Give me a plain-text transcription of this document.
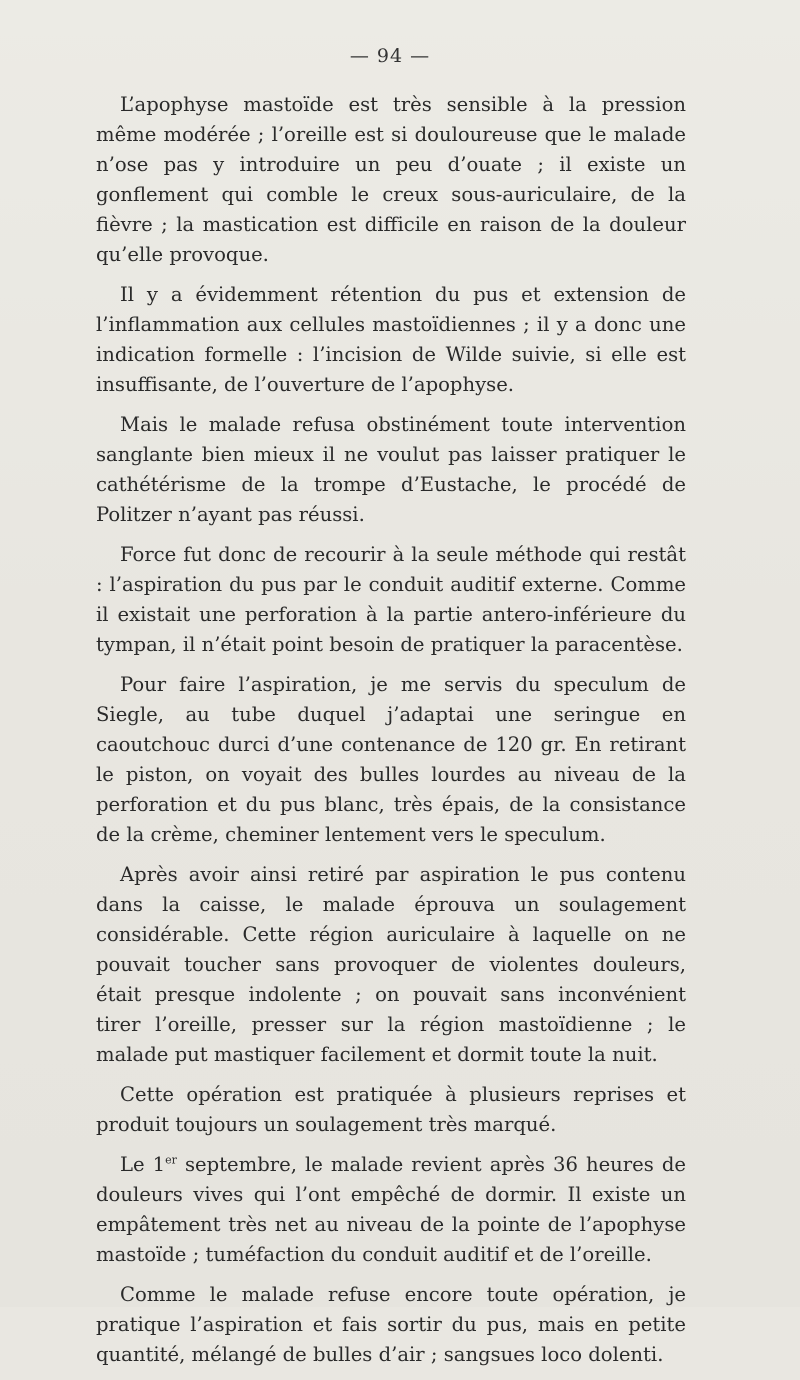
— 94 —

L’apophyse mastoïde est très sensible à la pression même modérée ; l’oreille est si douloureuse que le malade n’ose pas y introduire un peu d’ouate ; il existe un gonflement qui comble le creux sous-auriculaire, de la fièvre ; la mastication est difficile en raison de la douleur qu’elle provoque.

Il y a évidemment rétention du pus et extension de l’inflammation aux cellules mastoïdiennes ; il y a donc une indication formelle : l’incision de Wilde suivie, si elle est insuffisante, de l’ouverture de l’apophyse.

Mais le malade refusa obstinément toute intervention sanglante bien mieux il ne voulut pas laisser pratiquer le cathétérisme de la trompe d’Eustache, le procédé de Politzer n’ayant pas réussi.

Force fut donc de recourir à la seule méthode qui restât : l’aspiration du pus par le conduit auditif externe. Comme il existait une perforation à la partie antero-inférieure du tympan, il n’était point besoin de pratiquer la paracentèse.

Pour faire l’aspiration, je me servis du speculum de Siegle, au tube duquel j’adaptai une seringue en caoutchouc durci d’une contenance de 120 gr. En retirant le piston, on voyait des bulles lourdes au niveau de la perforation et du pus blanc, très épais, de la consistance de la crème, cheminer lentement vers le speculum.

Après avoir ainsi retiré par aspiration le pus contenu dans la caisse, le malade éprouva un soulagement considérable. Cette région auriculaire à laquelle on ne pouvait toucher sans provoquer de violentes douleurs, était presque indolente ; on pouvait sans inconvénient tirer l’oreille, presser sur la région mastoïdienne ; le malade put mastiquer facilement et dormit toute la nuit.

Cette opération est pratiquée à plusieurs reprises et produit toujours un soulagement très marqué.

Le 1er septembre, le malade revient après 36 heures de douleurs vives qui l’ont empêché de dormir. Il existe un empâtement très net au niveau de la pointe de l’apophyse mastoïde ; tuméfaction du conduit auditif et de l’oreille.

Comme le malade refuse encore toute opération, je pratique l’aspiration et fais sortir du pus, mais en petite quantité, mélangé de bulles d’air ; sangsues loco dolenti.
